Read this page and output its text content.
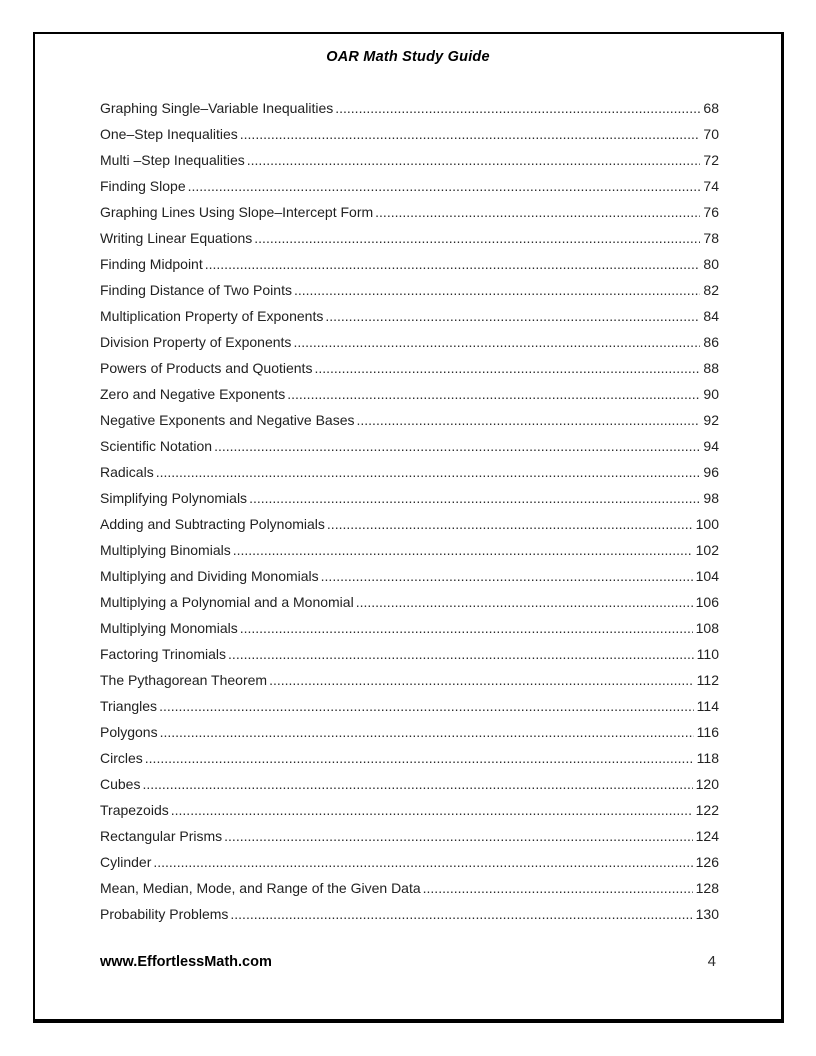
OAR Math Study Guide
Graphing Single–Variable Inequalities .....	68
One–Step Inequalities .....	70
Multi –Step Inequalities .....	72
Finding Slope .....	74
Graphing Lines Using Slope–Intercept Form .....	76
Writing Linear Equations .....	78
Finding Midpoint .....	80
Finding Distance of Two Points .....	82
Multiplication Property of Exponents .....	84
Division Property of Exponents .....	86
Powers of Products and Quotients .....	88
Zero and Negative Exponents .....	90
Negative Exponents and Negative Bases .....	92
Scientific Notation .....	94
Radicals .....	96
Simplifying Polynomials .....	98
Adding and Subtracting Polynomials .....	100
Multiplying Binomials .....	102
Multiplying and Dividing Monomials .....	104
Multiplying a Polynomial and a Monomial .....	106
Multiplying Monomials .....	108
Factoring Trinomials .....	110
The Pythagorean Theorem .....	112
Triangles .....	114
Polygons .....	116
Circles .....	118
Cubes .....	120
Trapezoids .....	122
Rectangular Prisms .....	124
Cylinder .....	126
Mean, Median, Mode, and Range of the Given Data .....	128
Probability Problems .....	130
www.EffortlessMath.com	4
